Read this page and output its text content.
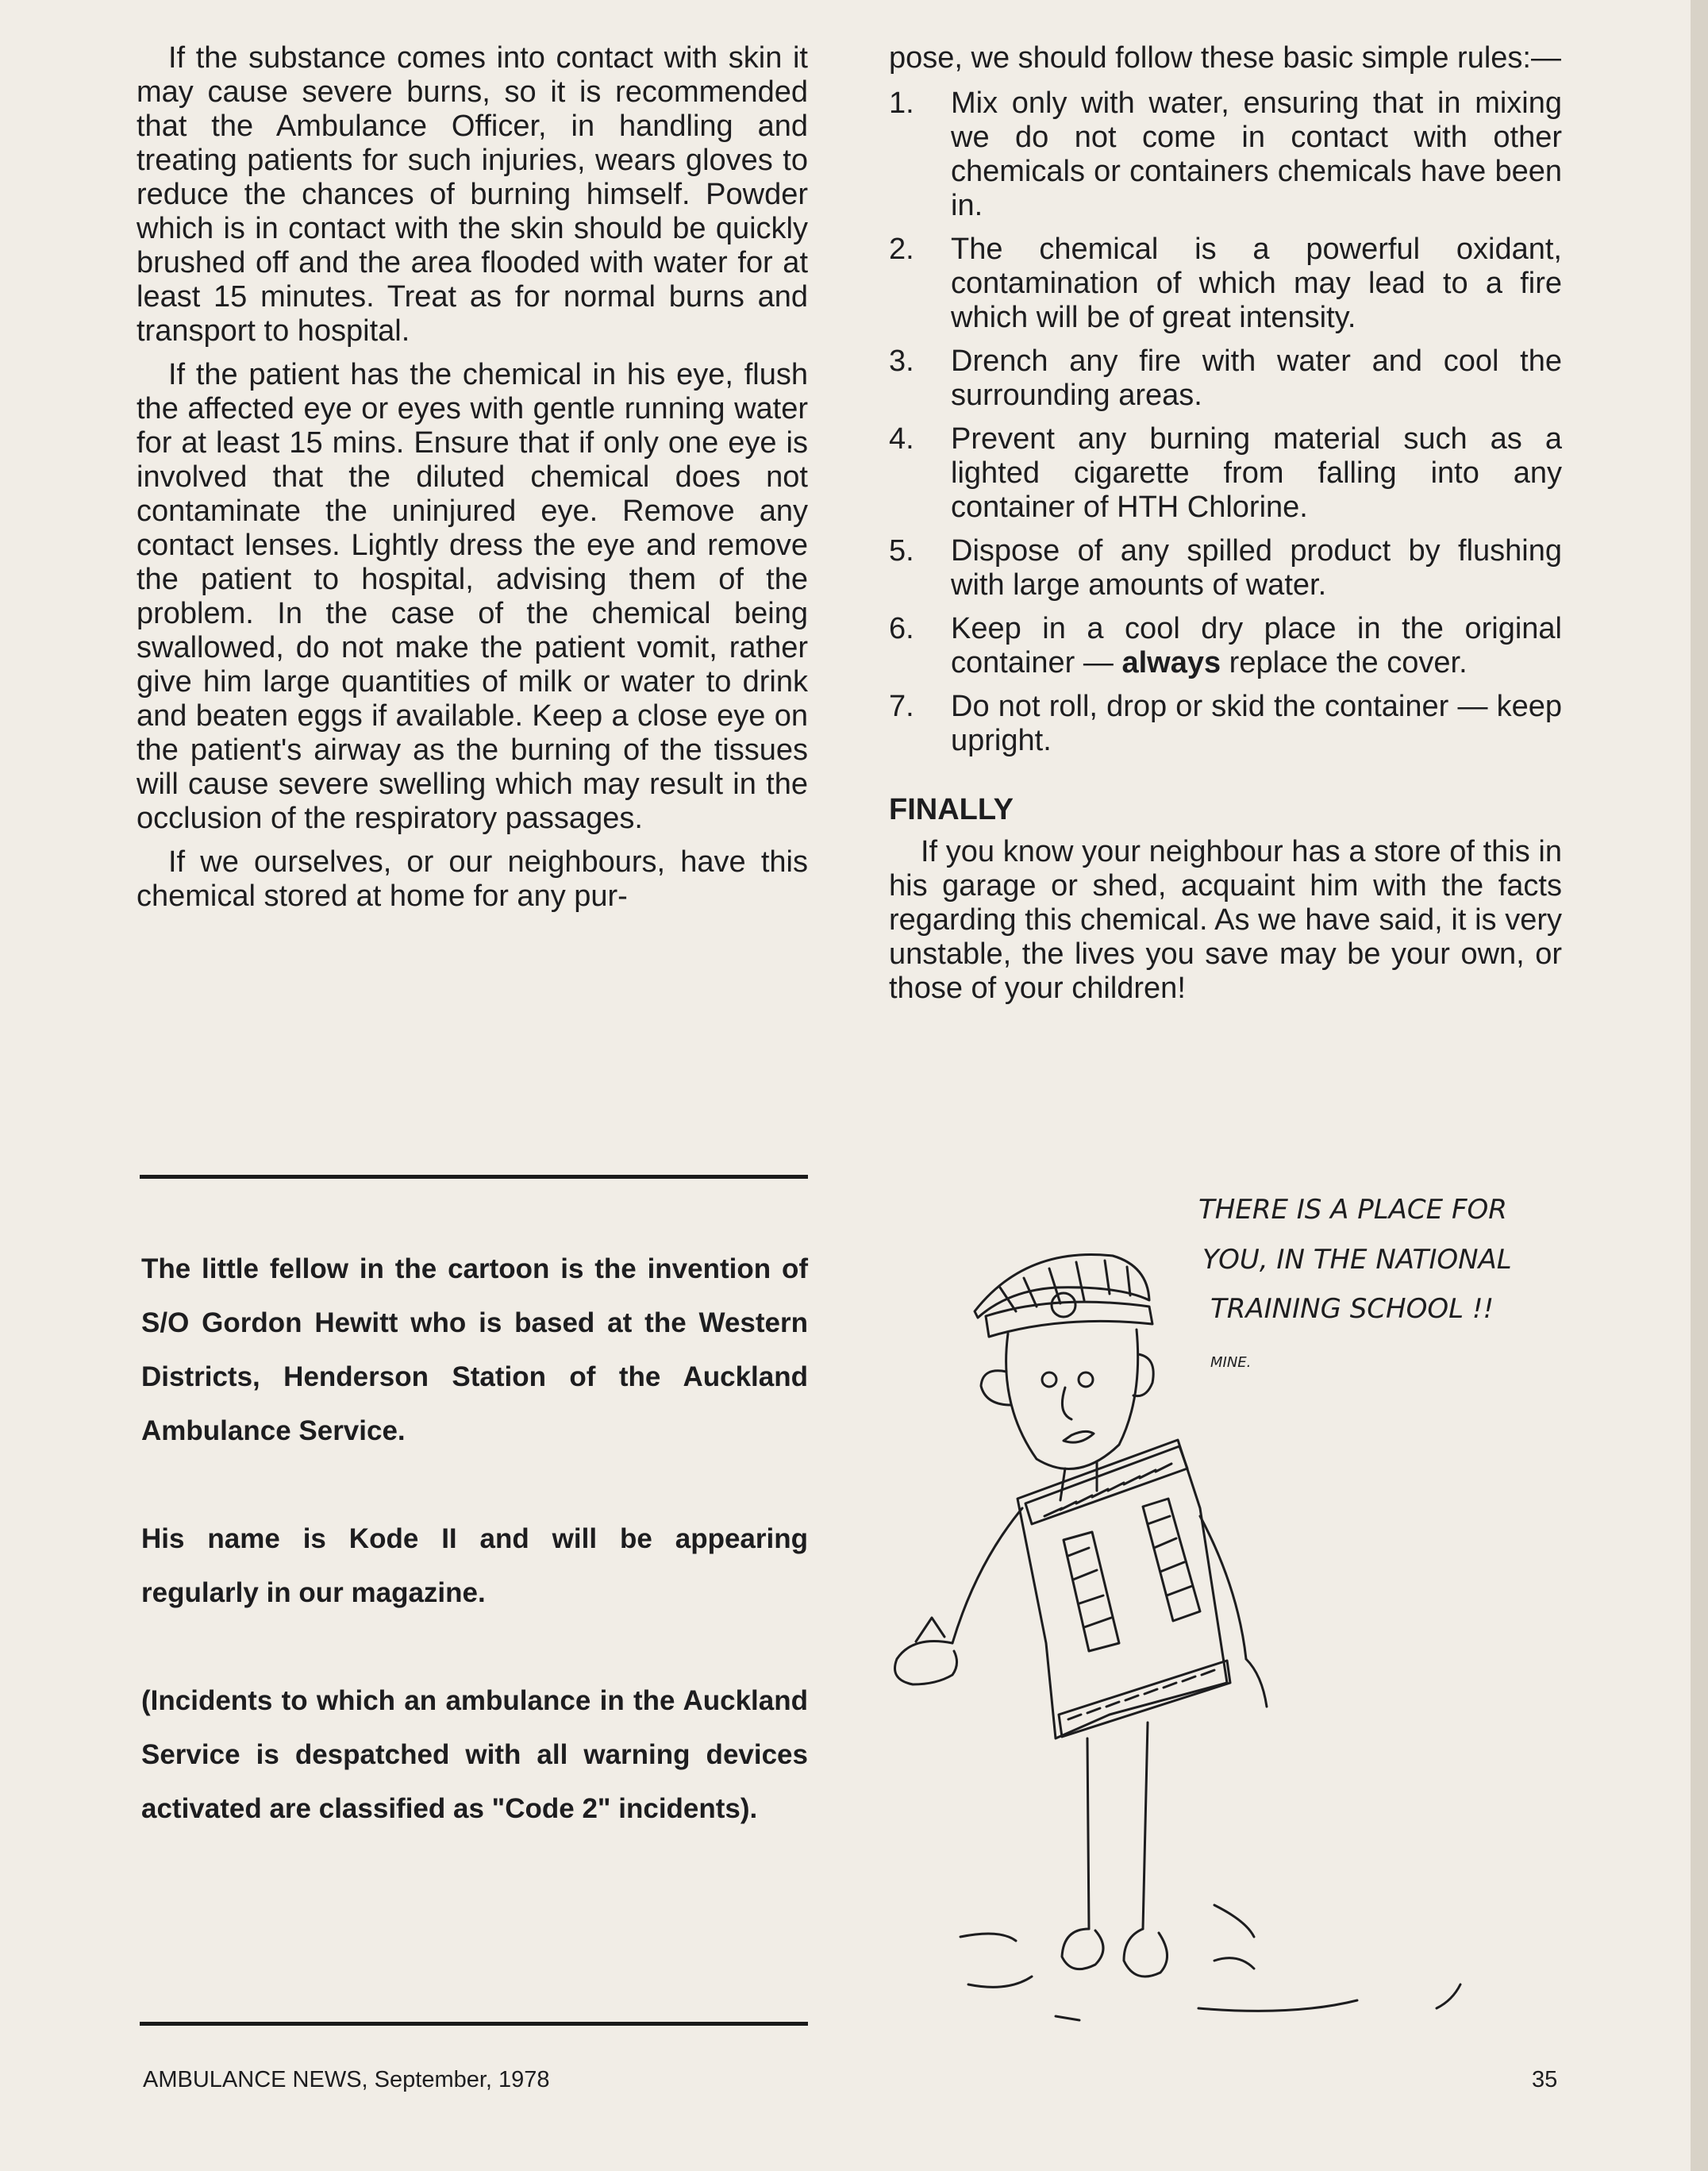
If the substance comes into contact with skin it may cause severe burns, so it is recommended that the Ambulance Officer, in handling and treating patients for such injuries, wears gloves to reduce the chances of burning himself. Powder which is in contact with the skin should be quickly brushed off and the area flooded with water for at least 15 minutes. Treat as for normal burns and transport to hospital.

If the patient has the chemical in his eye, flush the affected eye or eyes with gentle running water for at least 15 mins. Ensure that if only one eye is involved that the diluted chemical does not contaminate the uninjured eye. Remove any contact lenses. Lightly dress the eye and remove the patient to hospital, advising them of the problem. In the case of the chemical being swallowed, do not make the patient vomit, rather give him large quantities of milk or water to drink and beaten eggs if available. Keep a close eye on the patient's airway as the burning of the tissues will cause severe swelling which may result in the occlusion of the respiratory passages.

If we ourselves, or our neighbours, have this chemical stored at home for any pur-

pose, we should follow these basic simple rules:—

1.	Mix only with water, ensuring that in mixing we do not come in contact with other chemicals or containers chemicals have been in.
2.	The chemical is a powerful oxidant, contamination of which may lead to a fire which will be of great intensity.
3.	Drench any fire with water and cool the surrounding areas.
4.	Prevent any burning material such as a lighted cigarette from falling into any container of HTH Chlorine.
5.	Dispose of any spilled product by flushing with large amounts of water.
6.	Keep in a cool dry place in the original container — always replace the cover.
7.	Do not roll, drop or skid the container — keep upright.
FINALLY

If you know your neighbour has a store of this in his garage or shed, acquaint him with the facts regarding this chemical. As we have said, it is very unstable, the lives you save may be your own, or those of your children!

The little fellow in the cartoon is the invention of S/O Gordon Hewitt who is based at the Western Districts, Henderson Station of the Auckland Ambulance Service.

His name is Kode II and will be appearing regularly in our magazine.

(Incidents to which an ambulance in the Auckland Service is despatched with all warning devices activated are classified as "Code 2" incidents).

THERE IS A PLACE FOR
YOU, IN THE NATIONAL
TRAINING SCHOOL !!
MINE.
AMBULANCE NEWS, September, 1978	35
